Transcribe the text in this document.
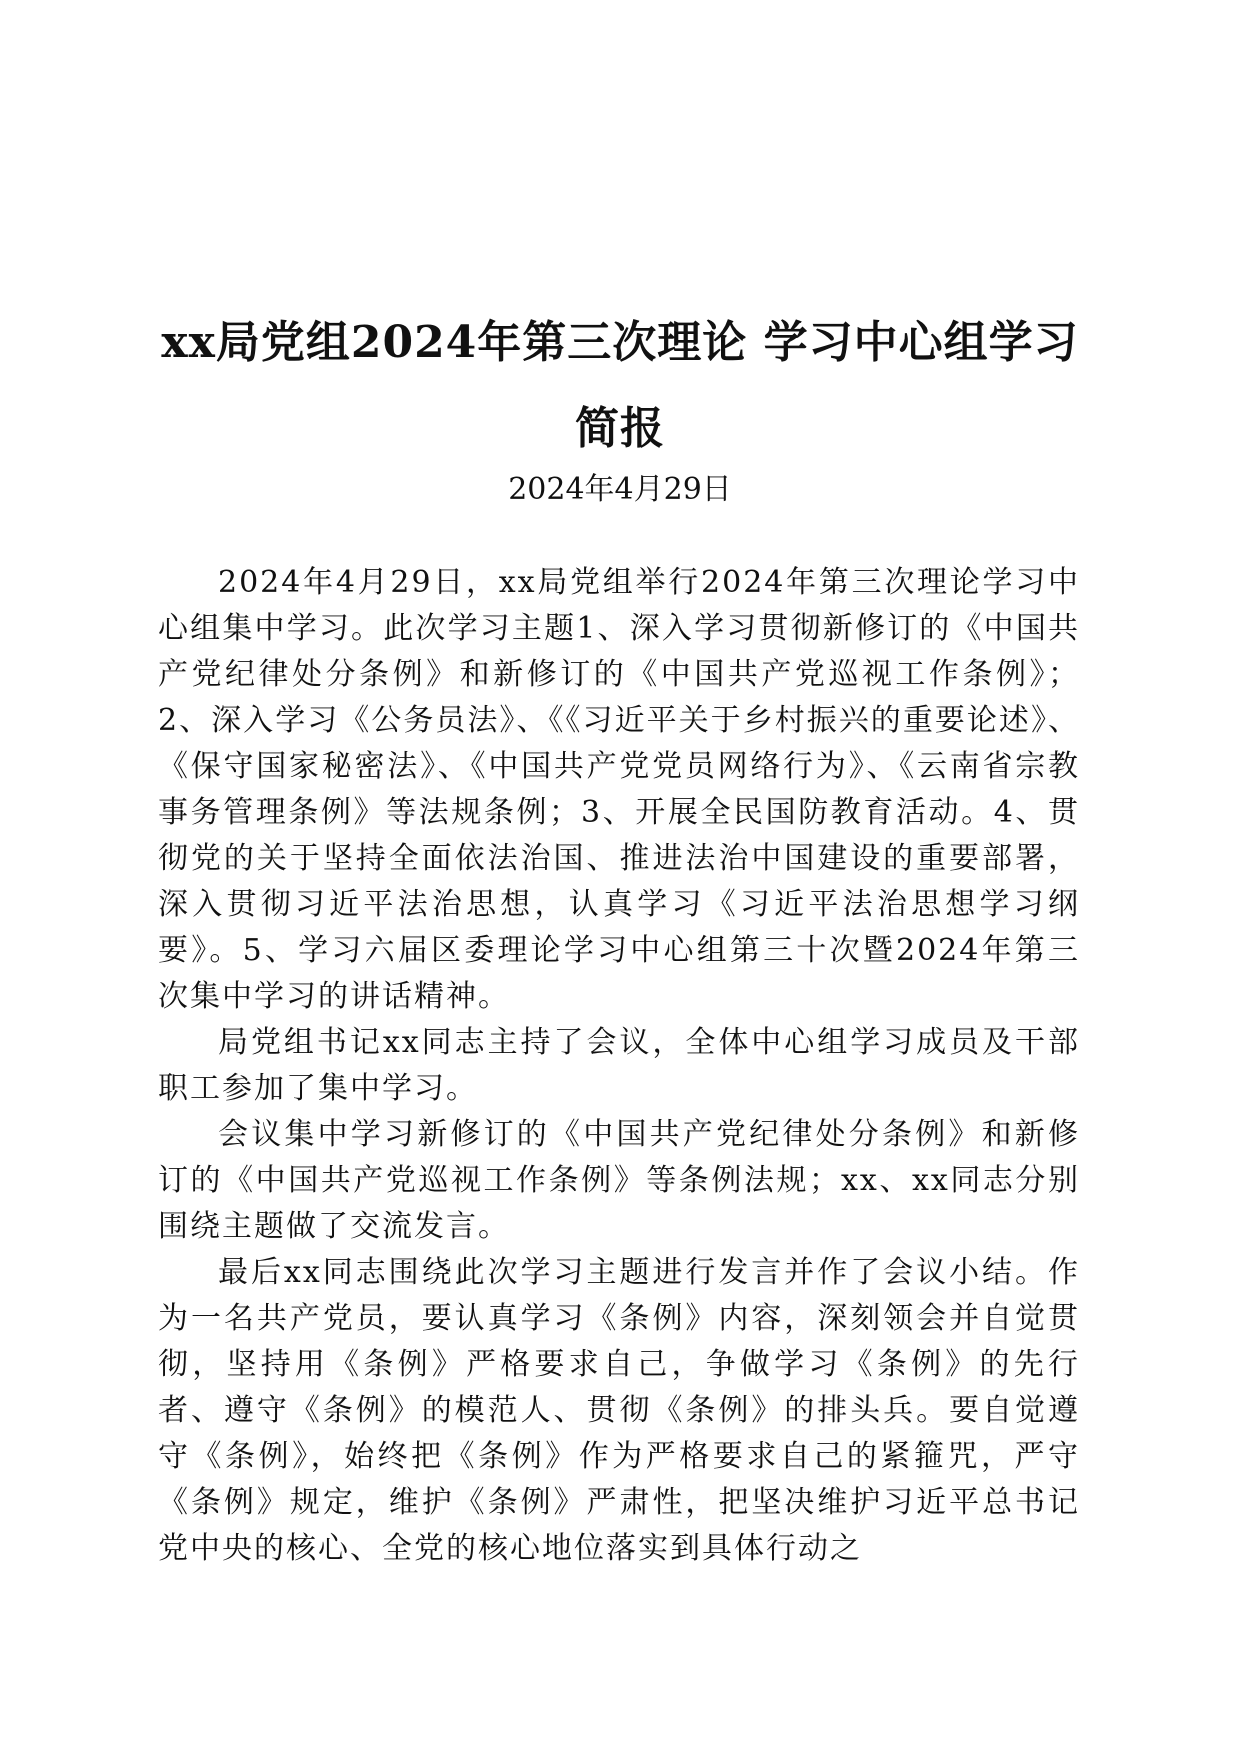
xx局党组2024年第三次理论 学习中心组学习
简报
2024年4月29日

2024年4月29日，xx局党组举行2024年第三次理论学习中心组集中学习。此次学习主题1、深入学习贯彻新修订的《中国共产党纪律处分条例》和新修订的《中国共产党巡视工作条例》；2、深入学习《公务员法》、《《习近平关于乡村振兴的重要论述》、《保守国家秘密法》、《中国共产党党员网络行为》、《云南省宗教事务管理条例》等法规条例；3、开展全民国防教育活动。4、贯彻党的关于坚持全面依法治国、推进法治中国建设的重要部署，深入贯彻习近平法治思想，认真学习《习近平法治思想学习纲要》。5、学习六届区委理论学习中心组第三十次暨2024年第三次集中学习的讲话精神。

局党组书记xx同志主持了会议，全体中心组学习成员及干部职工参加了集中学习。

会议集中学习新修订的《中国共产党纪律处分条例》和新修订的《中国共产党巡视工作条例》等条例法规；xx、xx同志分别围绕主题做了交流发言。

最后xx同志围绕此次学习主题进行发言并作了会议小结。作为一名共产党员，要认真学习《条例》内容，深刻领会并自觉贯彻，坚持用《条例》严格要求自己，争做学习《条例》的先行者、遵守《条例》的模范人、贯彻《条例》的排头兵。要自觉遵守《条例》，始终把《条例》作为严格要求自己的紧箍咒，严守《条例》规定，维护《条例》严肃性，把坚决维护习近平总书记党中央的核心、全党的核心地位落实到具体行动之
